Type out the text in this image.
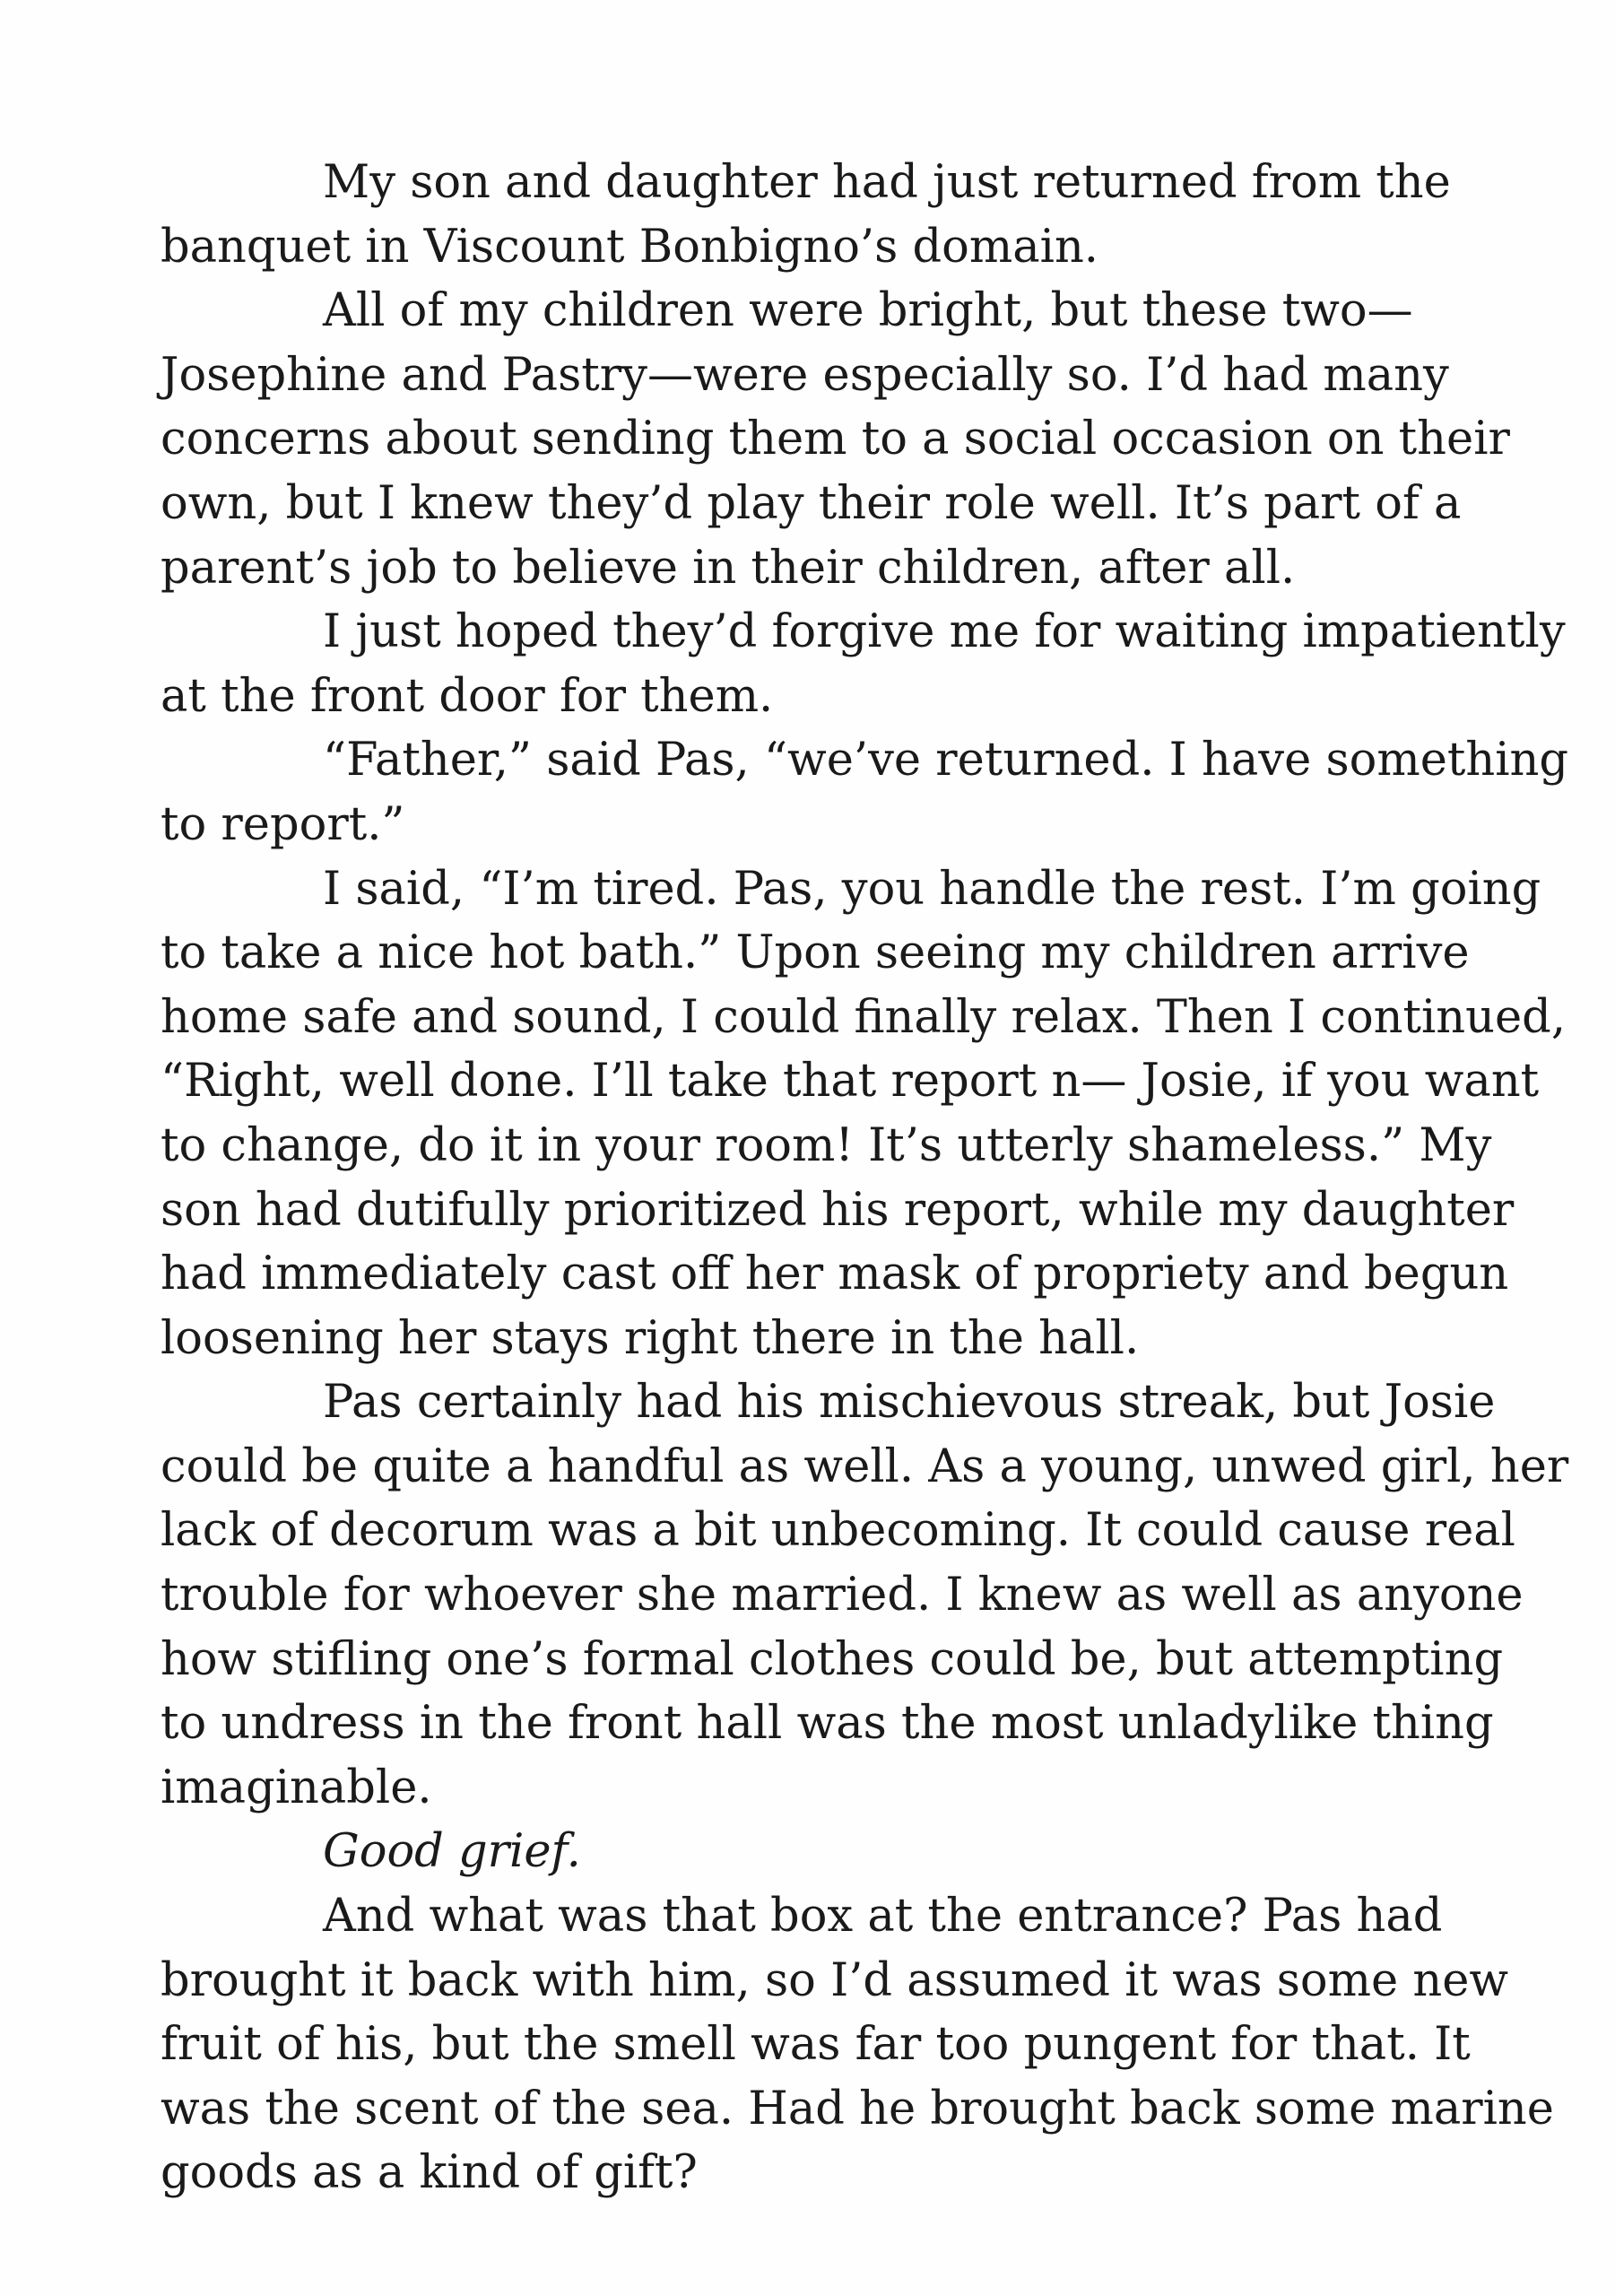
My son and daughter had just returned from the
banquet in Viscount Bonbigno’s domain.
All of my children were bright, but these two—
Josephine and Pastry—were especially so. I’d had many
concerns about sending them to a social occasion on their
own, but I knew they’d play their role well. It’s part of a
parent’s job to believe in their children, after all.
I just hoped they’d forgive me for waiting impatiently
at the front door for them.
“Father,” said Pas, “we’ve returned. I have something
to report.”
I said, “I’m tired. Pas, you handle the rest. I’m going
to take a nice hot bath.” Upon seeing my children arrive
home safe and sound, I could finally relax. Then I continued,
“Right, well done. I’ll take that report n— Josie, if you want
to change, do it in your room! It’s utterly shameless.” My
son had dutifully prioritized his report, while my daughter
had immediately cast off her mask of propriety and begun
loosening her stays right there in the hall.
Pas certainly had his mischievous streak, but Josie
could be quite a handful as well. As a young, unwed girl, her
lack of decorum was a bit unbecoming. It could cause real
trouble for whoever she married. I knew as well as anyone
how stifling one’s formal clothes could be, but attempting
to undress in the front hall was the most unladylike thing
imaginable.
Good grief.
And what was that box at the entrance? Pas had
brought it back with him, so I’d assumed it was some new
fruit of his, but the smell was far too pungent for that. It
was the scent of the sea. Had he brought back some marine
goods as a kind of gift?
